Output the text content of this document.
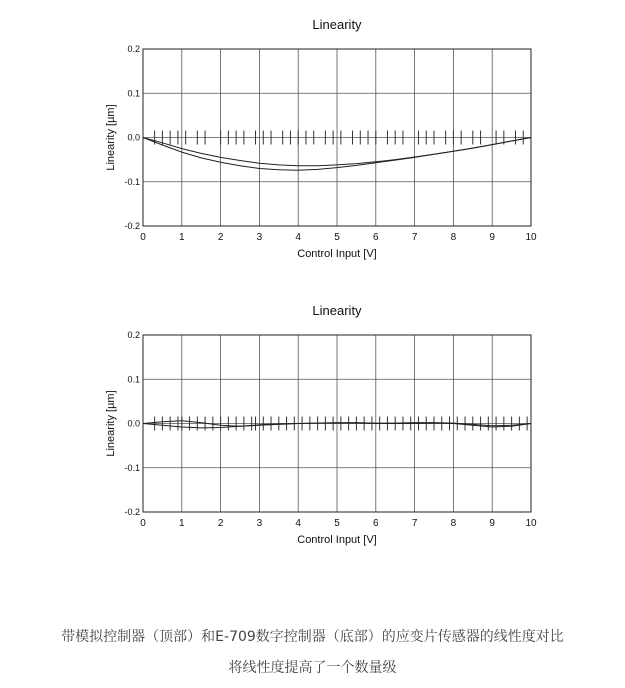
Linearity
0	1	2	3	4	5	6	7	8	9	10
0.2
0.1
0.0
-0.1
-0.2
Control Input [V]
Linearity [µm]
Linearity
0	1	2	3	4	5	6	7	8	9	10
0.2
0.1
0.0
-0.1
-0.2
Control Input [V]
Linearity [µm]
带模拟控制器（顶部）和E-709数字控制器（底部）的应变片传感器的线性度对比
将线性度提高了一个数量级
